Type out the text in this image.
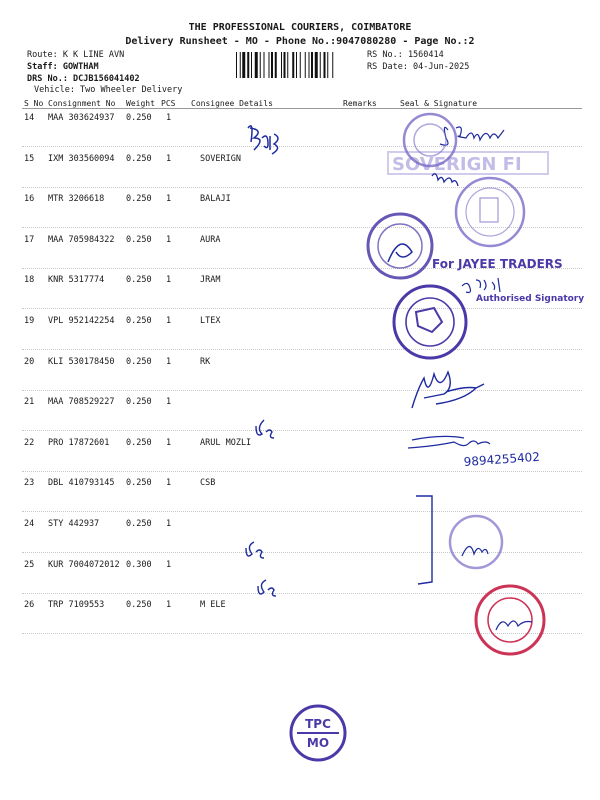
THE PROFESSIONAL COURIERS, COIMBATORE
Delivery Runsheet - MO - Phone No.:9047080280 - Page No.:2
Route: K K LINE AVN
Staff: GOWTHAM
DRS No.: DCJB156041402
RS No.: 1560414
RS Date: 04-Jun-2025
Vehicle: Two Wheeler Delivery
S No Consignment No Weight PCS Consignee Details	Remarks	Seal & Signature
14 MAA 303624937 0.250 1
15 IXM 303560094 0.250 1	SOVERIGN
16 MTR 3206618	0.250 1	BALAJI
17 MAA 705984322 0.250 1	AURA
18 KNR 5317774	0.250 1	JRAM
19 VPL 952142254 0.250 1	LTEX
20 KLI 530178450 0.250 1	RK
21 MAA 708529227 0.250 1
22 PRO 17872601 0.250 1	ARUL MOZLI
23 DBL 410793145 0.250 1	CSB
24 STY 442937	0.250 1
25 KUR 7004072012 0.300 1
26 TRP 7109553	0.250 1	M ELE
SOVERIGN FI
For JAYEE TRADERS
Authorised Signatory
9894255402
TPC
MO
